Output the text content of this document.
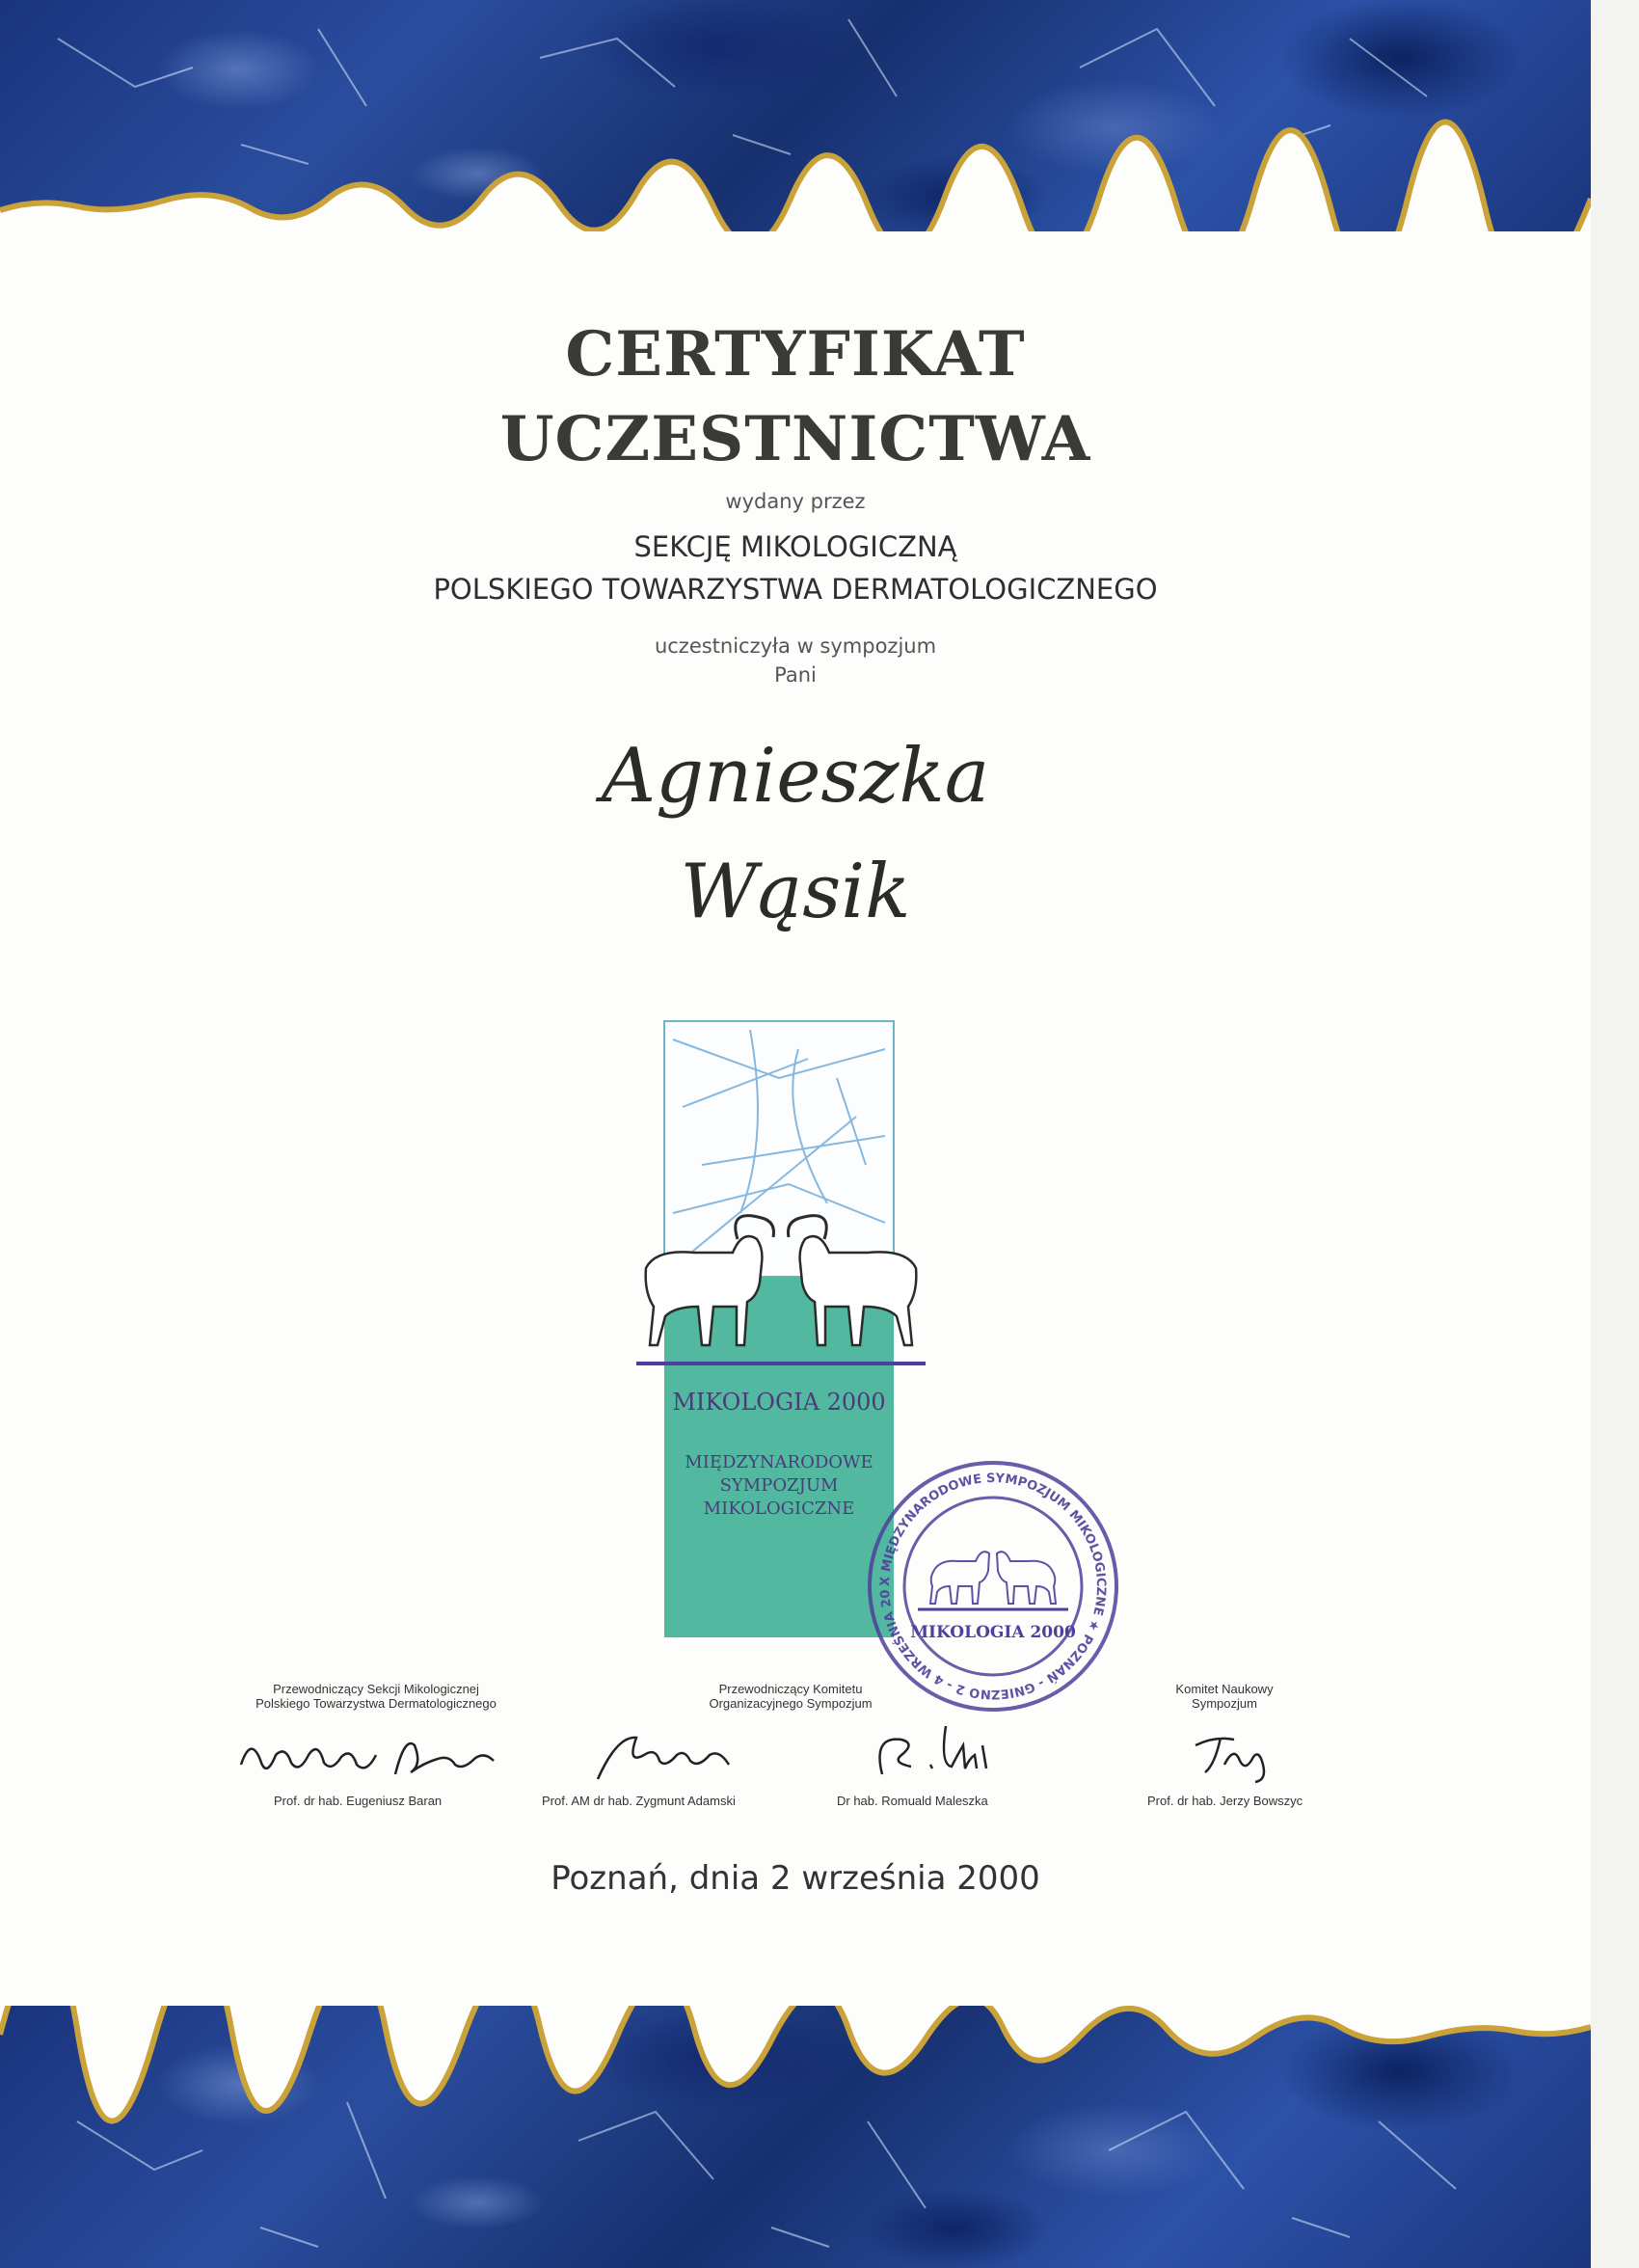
CERTYFIKAT
UCZESTNICTWA
wydany przez
SEKCJĘ MIKOLOGICZNĄ
POLSKIEGO TOWARZYSTWA DERMATOLOGICZNEGO
uczestniczyła w sympozjum
Pani
Agnieszka
Wąsik
MIKOLOGIA 2000
MIĘDZYNARODOWE
SYMPOZJUM
MIKOLOGICZNE
X MIĘDZYNARODOWE SYMPOZJUM MIKOLOGICZNE ★ POZNAŃ - GNIEZNO 2 - 4 WRZEŚNIA 20
MIKOLOGIA 2000
Przewodniczący Sekcji Mikologicznej
Polskiego Towarzystwa Dermatologicznego
Prof. dr hab. Eugeniusz Baran
Przewodniczący Komitetu
Organizacyjnego Sympozjum
Prof. AM dr hab. Zygmunt Adamski	Dr hab. Romuald Maleszka
Komitet Naukowy
Sympozjum
Prof. dr hab. Jerzy Bowszyc
Poznań, dnia 2 września 2000
